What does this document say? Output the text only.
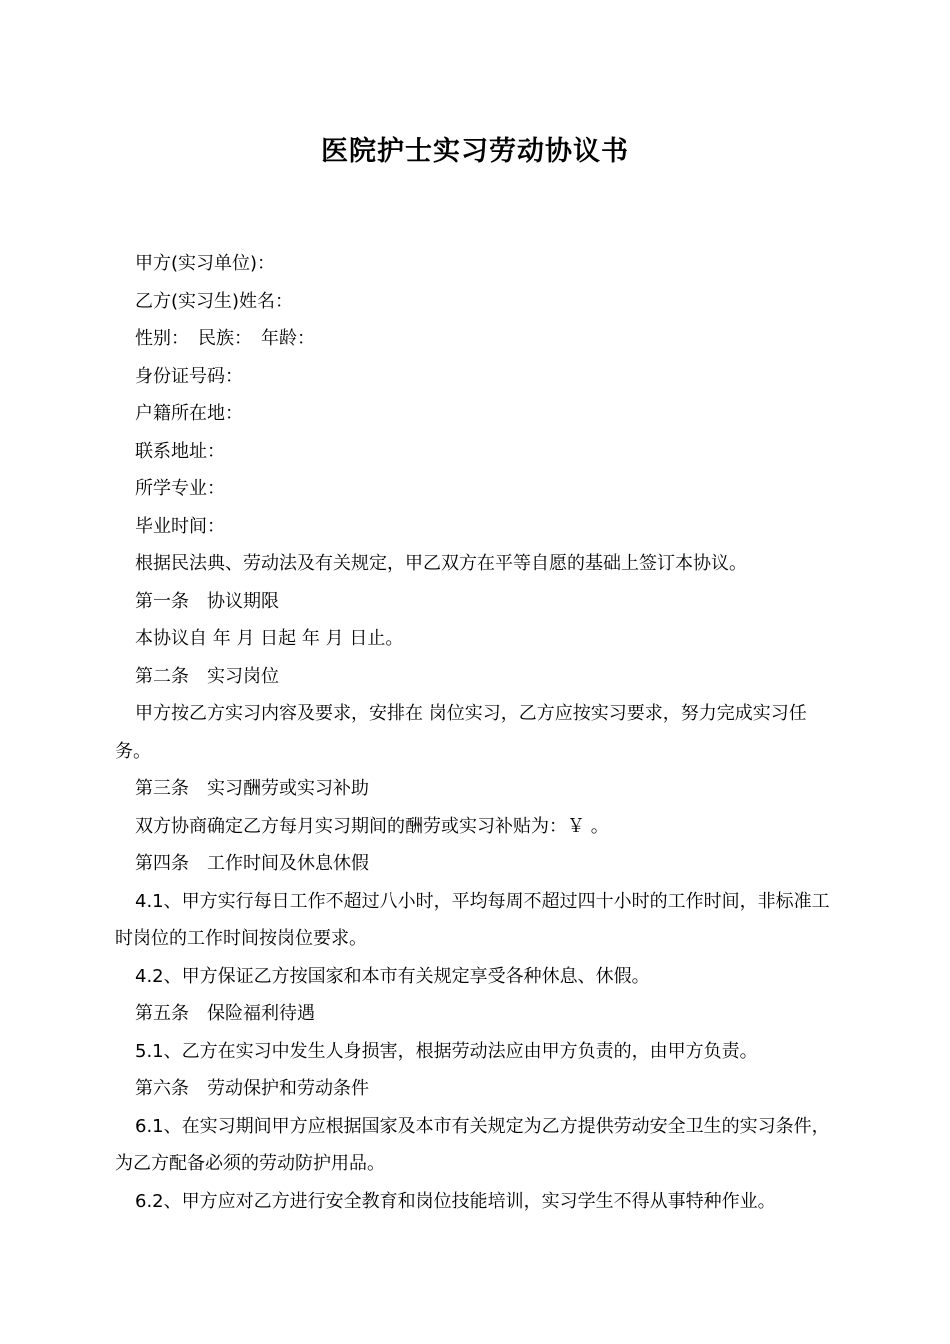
医院护士实习劳动协议书

甲方(实习单位)：

乙方(实习生)姓名：

性别：　民族：　年龄：

身份证号码：

户籍所在地：

联系地址：

所学专业：

毕业时间：

根据民法典、劳动法及有关规定，甲乙双方在平等自愿的基础上签订本协议。

第一条　协议期限

本协议自 年 月 日起 年 月 日止。

第二条　实习岗位

甲方按乙方实习内容及要求，安排在 岗位实习，乙方应按实习要求，努力完成实习任务。

第三条　实习酬劳或实习补助

双方协商确定乙方每月实习期间的酬劳或实习补贴为：￥ 。

第四条　工作时间及休息休假

4.1、甲方实行每日工作不超过八小时，平均每周不超过四十小时的工作时间，非标准工时岗位的工作时间按岗位要求。

4.2、甲方保证乙方按国家和本市有关规定享受各种休息、休假。

第五条　保险福利待遇

5.1、乙方在实习中发生人身损害，根据劳动法应由甲方负责的，由甲方负责。

第六条　劳动保护和劳动条件

6.1、在实习期间甲方应根据国家及本市有关规定为乙方提供劳动安全卫生的实习条件，为乙方配备必须的劳动防护用品。

6.2、甲方应对乙方进行安全教育和岗位技能培训，实习学生不得从事特种作业。
